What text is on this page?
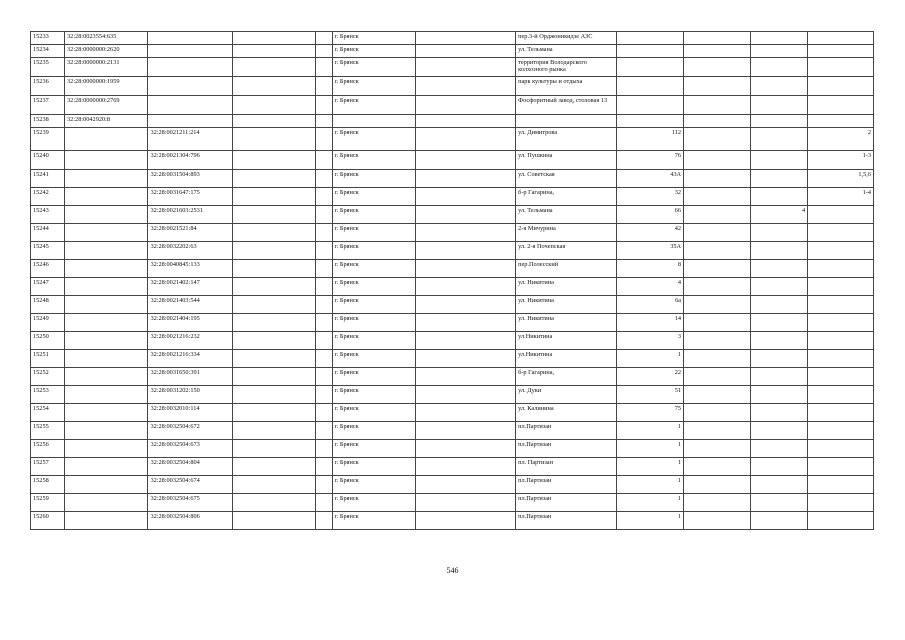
15233	32:28:0023554:635				г. Брянск		пер.3-й Орджоникидзе АЗС				
15234	32:28:0000000:2620				г. Брянск		ул. Тельмана				
15235	32:28:0000000:2131				г. Брянск		территория Володарского колхозного рынка				
15236	32:28:0000000:1959				г. Брянск		парк культуры и отдыха				
15237	32:28:0000000:2769				г. Брянск		Фосфоритный завод, столовая 13				
15238	32:28:0042920:8										
15239		32:28:0021211:214			г. Брянск		ул. Димитрова	112			2
15240		32:28:0021304:796			г. Брянск		ул. Пушкина	76			1-3
15241		32:28:0031504:893			г. Брянск		ул. Советская	43А			1,5,6
15242		32:28:0031647:175			г. Брянск		б-р Гагарина,	32			1-4
15243		32:28:0021603:2531			г. Брянск		ул. Тельмана	66		4	
15244		32:28:0021521:84			г. Брянск		2-я Мичурина	42			
15245		32:28:0032202:63			г. Брянск		ул. 2-я Почепская	35А			
15246		32:28:0040845:133			г. Брянск		пер.Полесский	8			
15247		32:28:0021402:147			г. Брянск		ул. Никитина	4			
15248		32:28:0021403:544			г. Брянск		ул. Никитина	6а			
15249		32:28:0021404:195			г. Брянск		ул. Никитина	14			
15250		32:28:0021216:232			г. Брянск		ул.Никитина	3			
15251		32:28:0021216:334			г. Брянск		ул.Никитина	1			
15252		32:28:0031650:391			г. Брянск		б-р Гагарина,	22			
15253		32:28:0031202:150			г. Брянск		ул. Дуки	51			
15254		32:28:0032010:114			г. Брянск		ул. Калинина	75			
15255		32:28:0032504:672			г. Брянск		пл.Партизан	1			
15256		32:28:0032504:673			г. Брянск		пл.Партизан	1			
15257		32:28:0032504:804			г. Брянск		пл. Партизан	1			
15258		32:28:0032504:674			г. Брянск		пл.Партизан	1			
15259		32:28:0032504:675			г. Брянск		пл.Партизан	1			
15260		32:28:0032504:806			г. Брянск		пл.Партизан	1			
546
